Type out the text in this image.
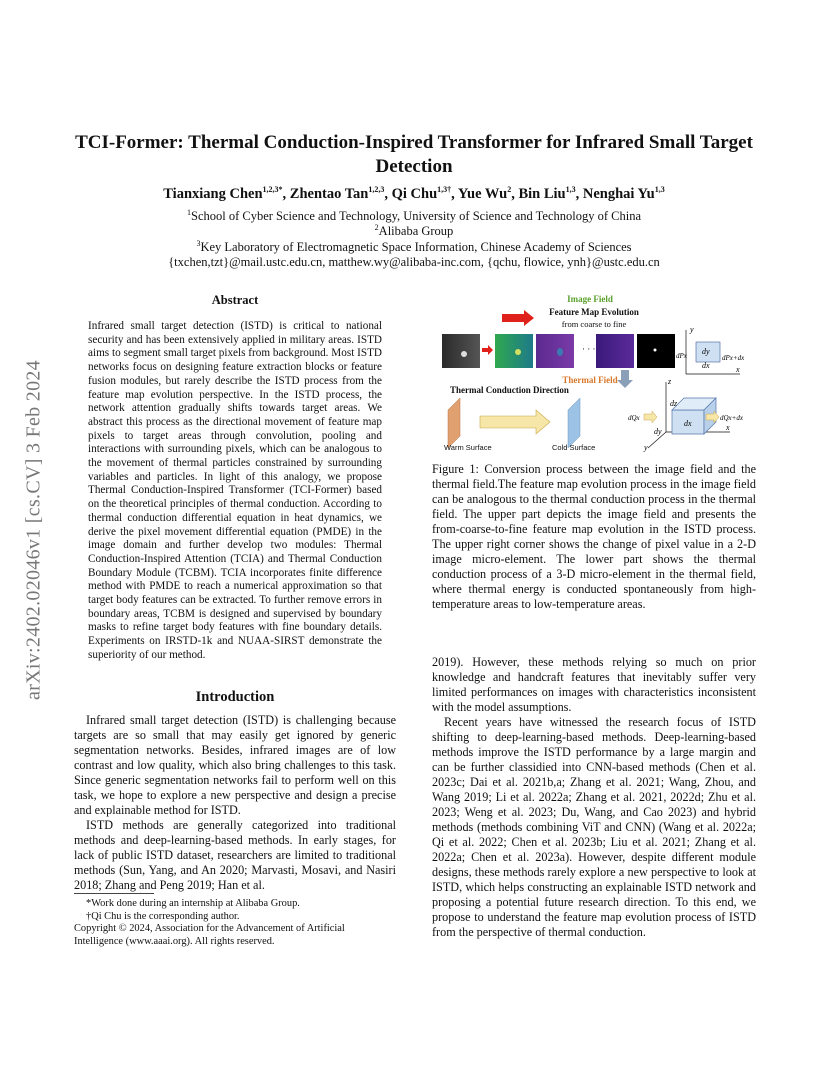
arXiv:2402.02046v1 [cs.CV] 3 Feb 2024
TCI-Former: Thermal Conduction-Inspired Transformer for Infrared Small Target Detection
Tianxiang Chen$^{1,2,3*}$, Zhentao Tan$^{1,2,3}$, Qi Chu$^{1,3\dagger}$, Yue Wu$^2$, Bin Liu$^{1,3}$, Nenghai Yu$^{1,3}$
$^1$School of Cyber Science and Technology, University of Science and Technology of China
$^2$Alibaba Group
$^3$Key Laboratory of Electromagnetic Space Information, Chinese Academy of Sciences
{txchen,tzt}@mail.ustc.edu.cn, matthew.wy@alibaba-inc.com, {qchu, flowice, ynh}@ustc.edu.cn
Abstract
Infrared small target detection (ISTD) is critical to national security and has been extensively applied in military areas. ISTD aims to segment small target pixels from background. Most ISTD networks focus on designing feature extraction blocks or feature fusion modules, but rarely describe the ISTD process from the feature map evolution perspective. In the ISTD process, the network attention gradually shifts towards target areas. We abstract this process as the directional movement of feature map pixels to target areas through convolution, pooling and interactions with surrounding pixels, which can be analogous to the movement of thermal particles constrained by surrounding variables and particles. In light of this analogy, we propose Thermal Conduction-Inspired Transformer (TCI-Former) based on the theoretical principles of thermal conduction. According to thermal conduction differential equation in heat dynamics, we derive the pixel movement differential equation (PMDE) in the image domain and further develop two modules: Thermal Conduction-Inspired Attention (TCIA) and Thermal Conduction Boundary Module (TCBM). TCIA incorporates finite difference method with PMDE to reach a numerical approximation so that target body features can be extracted. To further remove errors in boundary areas, TCBM is designed and supervised by boundary masks to refine target body features with fine boundary details. Experiments on IRSTD-1k and NUAA-SIRST demonstrate the superiority of our method.
Introduction

Infrared small target detection (ISTD) is challenging because targets are so small that may easily get ignored by generic segmentation networks. Besides, infrared images are of low contrast and low quality, which also bring challenges to this task. Since generic segmentation networks fail to perform well on this task, we hope to explore a new perspective and design a precise and explainable method for ISTD.

ISTD methods are generally categorized into traditional methods and deep-learning-based methods. In early stages, for lack of public ISTD dataset, researchers are limited to traditional methods (Sun, Yang, and An 2020; Marvasti, Mosavi, and Nasiri 2018; Zhang and Peng 2019; Han et al.

*Work done during an internship at Alibaba Group.
†Qi Chu is the corresponding author.
Copyright © 2024, Association for the Advancement of Artificial Intelligence (www.aaai.org). All rights reserved.
Image Field
Feature Map Evolution
from coarse to fine
· · ·
y
x
dy
dx
dPx	dPx+dx
Thermal Field
Thermal Conduction Direction
Warm Surface	Cold Surface
z
x
y
dz
dx
dy
dQx	dQx+dx
Figure 1: Conversion process between the image field and the thermal field.The feature map evolution process in the image field can be analogous to the thermal conduction process in the thermal field. The upper part depicts the image field and presents the from-coarse-to-fine feature map evolution in the ISTD process. The upper right corner shows the change of pixel value in a 2-D image micro-element. The lower part shows the thermal conduction process of a 3-D micro-element in the thermal field, where thermal energy is conducted spontaneously from high-temperature areas to low-temperature areas.

2019). However, these methods relying so much on prior knowledge and handcraft features that inevitably suffer very limited performances on images with characteristics inconsistent with the model assumptions.

Recent years have witnessed the research focus of ISTD shifting to deep-learning-based methods. Deep-learning-based methods improve the ISTD performance by a large margin and can be further classidied into CNN-based methods (Chen et al. 2023c; Dai et al. 2021b,a; Zhang et al. 2021; Wang, Zhou, and Wang 2019; Li et al. 2022a; Zhang et al. 2021, 2022d; Zhu et al. 2023; Weng et al. 2023; Du, Wang, and Cao 2023) and hybrid methods (methods combining ViT and CNN) (Wang et al. 2022a; Qi et al. 2022; Chen et al. 2023b; Liu et al. 2021; Zhang et al. 2022a; Chen et al. 2023a). However, despite different module designs, these methods rarely explore a new perspective to look at ISTD, which helps constructing an explainable ISTD network and proposing a potential future research direction. To this end, we propose to understand the feature map evolution process of ISTD from the perspective of thermal conduction.
